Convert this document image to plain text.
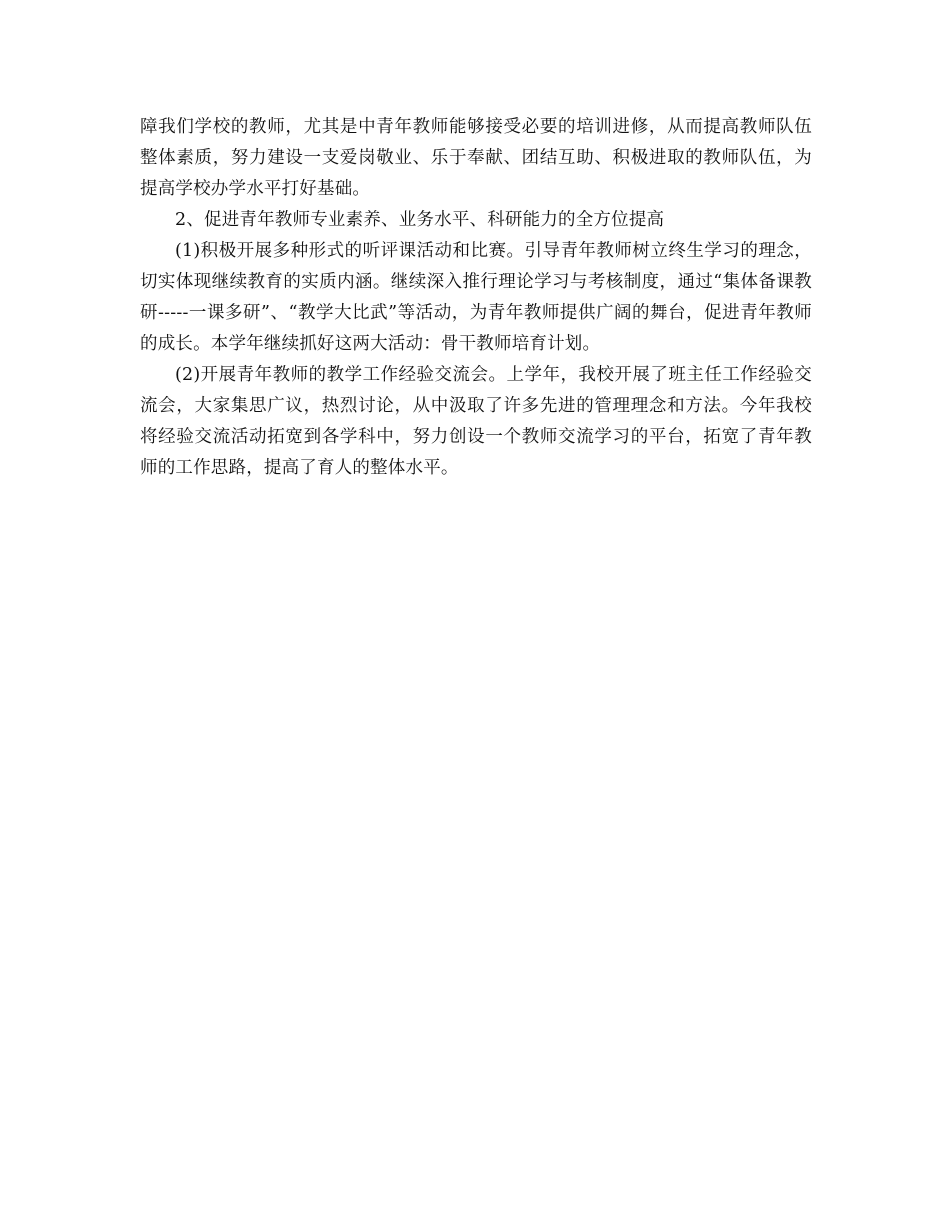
障我们学校的教师，尤其是中青年教师能够接受必要的培训进修，从而提高教师队伍整体素质，努力建设一支爱岗敬业、乐于奉献、团结互助、积极进取的教师队伍，为提高学校办学水平打好基础。

2、促进青年教师专业素养、业务水平、科研能力的全方位提高

(1)积极开展多种形式的听评课活动和比赛。引导青年教师树立终生学习的理念，切实体现继续教育的实质内涵。继续深入推行理论学习与考核制度，通过“集体备课教研-----一课多研”、“教学大比武”等活动，为青年教师提供广阔的舞台，促进青年教师的成长。本学年继续抓好这两大活动：骨干教师培育计划。

(2)开展青年教师的教学工作经验交流会。上学年，我校开展了班主任工作经验交流会，大家集思广议，热烈讨论，从中汲取了许多先进的管理理念和方法。今年我校将经验交流活动拓宽到各学科中，努力创设一个教师交流学习的平台，拓宽了青年教师的工作思路，提高了育人的整体水平。
